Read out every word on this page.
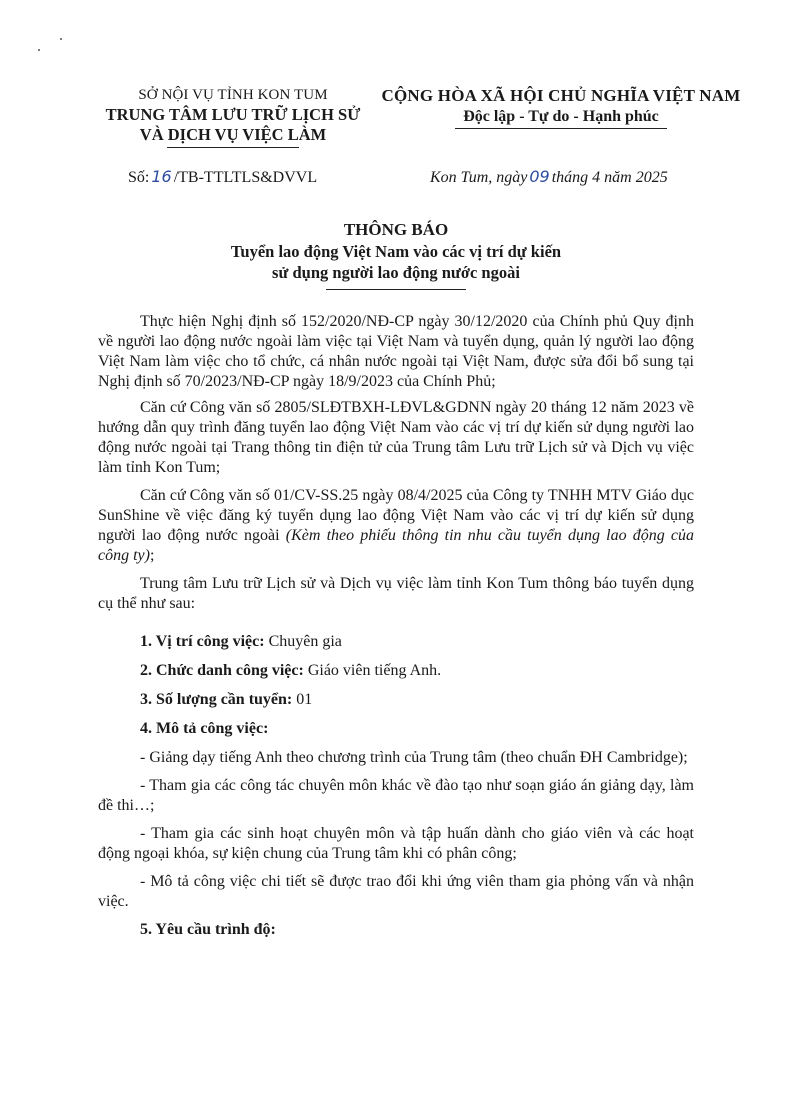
SỞ NỘI VỤ TỈNH KON TUM
TRUNG TÂM LƯU TRỮ LỊCH SỬ
VÀ DỊCH VỤ VIỆC LÀM
CỘNG HÒA XÃ HỘI CHỦ NGHĨA VIỆT NAM
Độc lập - Tự do - Hạnh phúc
Số: 16 /TB-TTLTLS&DVVL	Kon Tum, ngày 09 tháng 4 năm 2025
THÔNG BÁO
Tuyển lao động Việt Nam vào các vị trí dự kiến
sử dụng người lao động nước ngoài

Thực hiện Nghị định số 152/2020/NĐ-CP ngày 30/12/2020 của Chính phủ Quy định về người lao động nước ngoài làm việc tại Việt Nam và tuyển dụng, quản lý người lao động Việt Nam làm việc cho tổ chức, cá nhân nước ngoài tại Việt Nam, được sửa đổi bổ sung tại Nghị định số 70/2023/NĐ-CP ngày 18/9/2023 của Chính Phủ;

Căn cứ Công văn số 2805/SLĐTBXH-LĐVL&GDNN ngày 20 tháng 12 năm 2023 về hướng dẫn quy trình đăng tuyển lao động Việt Nam vào các vị trí dự kiến sử dụng người lao động nước ngoài tại Trang thông tin điện tử của Trung tâm Lưu trữ Lịch sử và Dịch vụ việc làm tỉnh Kon Tum;

Căn cứ Công văn số 01/CV-SS.25 ngày 08/4/2025 của Công ty TNHH MTV Giáo dục SunShine về việc đăng ký tuyển dụng lao động Việt Nam vào các vị trí dự kiến sử dụng người lao động nước ngoài (Kèm theo phiếu thông tin nhu cầu tuyển dụng lao động của công ty);

Trung tâm Lưu trữ Lịch sử và Dịch vụ việc làm tỉnh Kon Tum thông báo tuyển dụng cụ thể như sau:

1. Vị trí công việc: Chuyên gia

2. Chức danh công việc: Giáo viên tiếng Anh.

3. Số lượng cần tuyển: 01

4. Mô tả công việc:

- Giảng dạy tiếng Anh theo chương trình của Trung tâm (theo chuẩn ĐH Cambridge);

- Tham gia các công tác chuyên môn khác về đào tạo như soạn giáo án giảng dạy, làm đề thi…;

- Tham gia các sinh hoạt chuyên môn và tập huấn dành cho giáo viên và các hoạt động ngoại khóa, sự kiện chung của Trung tâm khi có phân công;

- Mô tả công việc chi tiết sẽ được trao đổi khi ứng viên tham gia phỏng vấn và nhận việc.

5. Yêu cầu trình độ:
